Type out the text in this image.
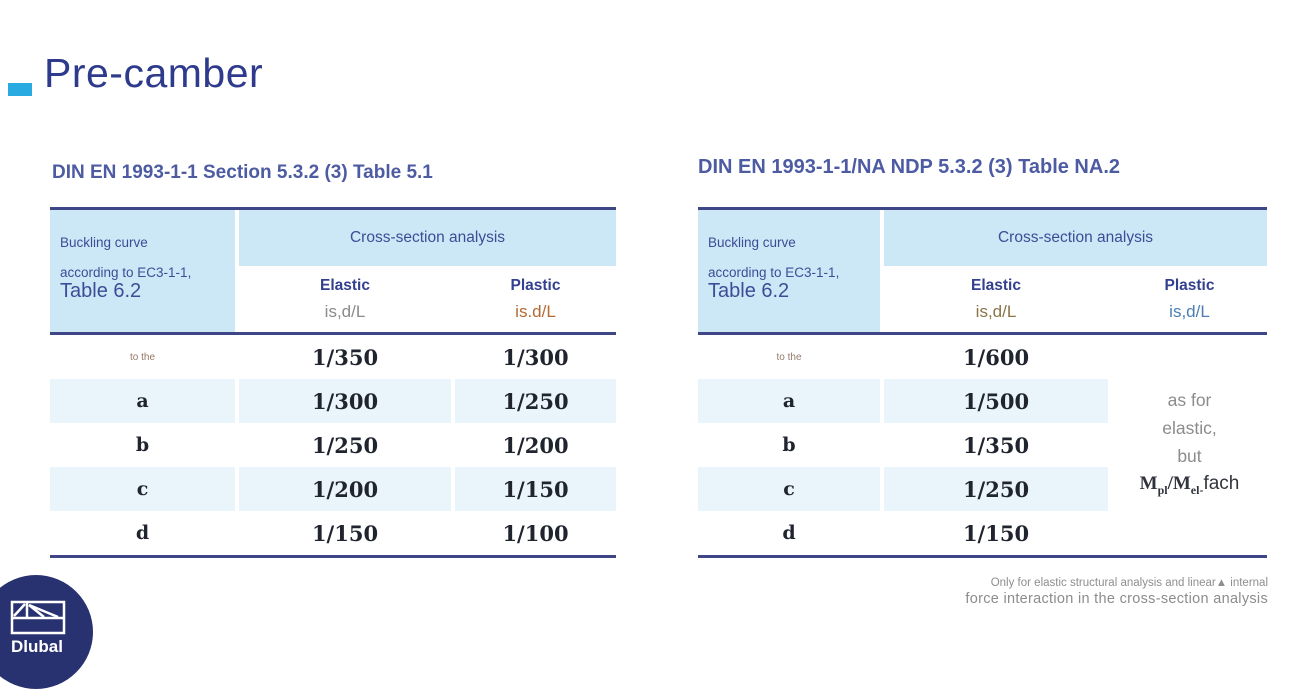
Pre-camber
DIN EN 1993-1-1 Section 5.3.2 (3) Table 5.1	DIN EN 1993-1-1/NA NDP 5.3.2 (3) Table NA.2
Buckling curve
according to EC3-1-1,
Table 6.2
Cross-section analysis
Elastic
is,d/L
Plastic
is.d/L
to the	1/350	1/300
a	1/300	1/250
b	1/250	1/200
c	1/200	1/150
d	1/150	1/100
Buckling curve
according to EC3-1-1,
Table 6.2
Cross-section analysis
Elastic
is,d/L
Plastic
is,d/L
to the	1/600
as for
elastic,
but
$M_{pl}/M_{el-}fach$
a	1/500
b	1/350
c	1/250
d	1/150
Only for elastic structural analysis and linear▲ internal
force interaction in the cross-section analysis
Dlubal
